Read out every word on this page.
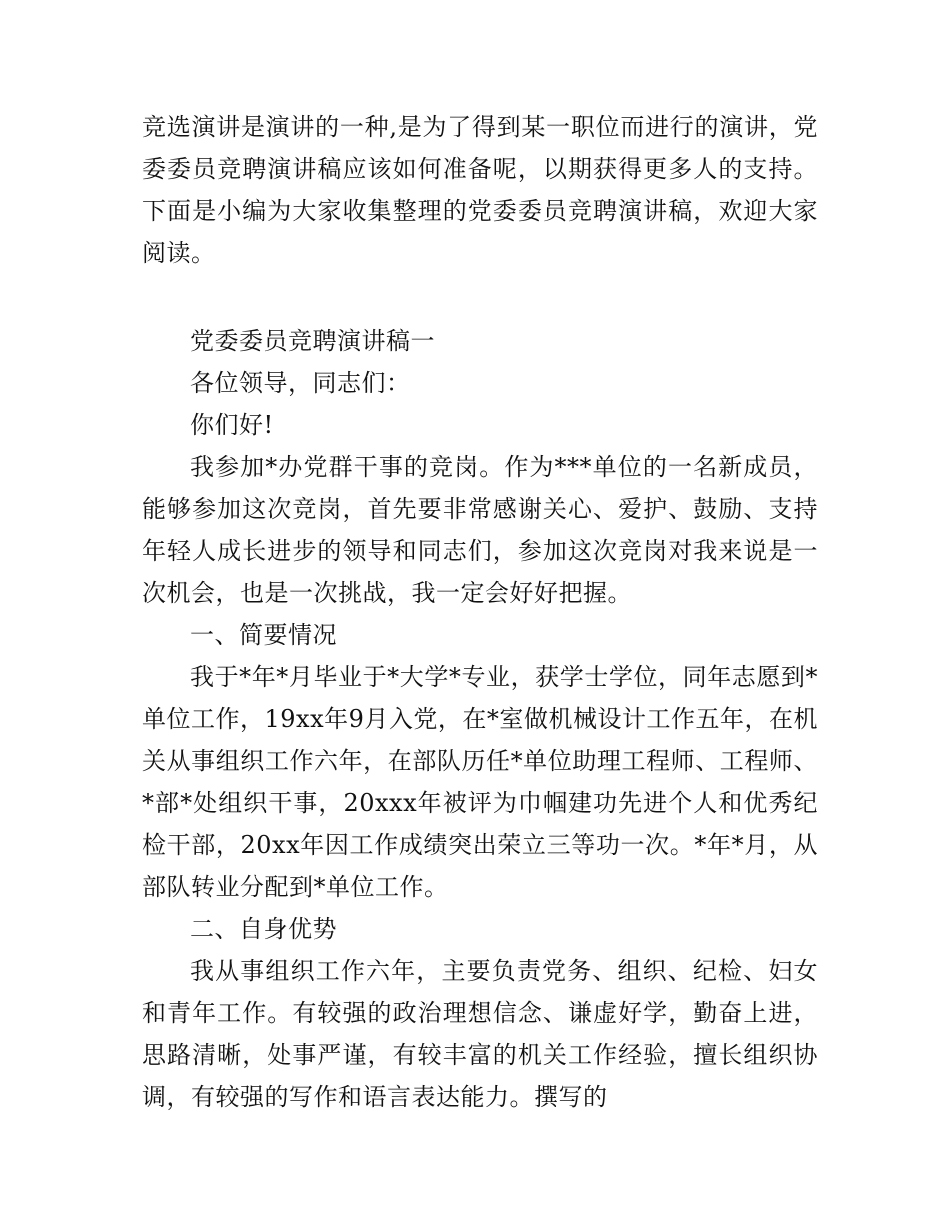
竞选演讲是演讲的一种,是为了得到某一职位而进行的演讲，党委委员竞聘演讲稿应该如何准备呢，以期获得更多人的支持。下面是小编为大家收集整理的党委委员竞聘演讲稿，欢迎大家阅读。

党委委员竞聘演讲稿一

各位领导，同志们：

你们好!

我参加*办党群干事的竞岗。作为***单位的一名新成员，能够参加这次竞岗，首先要非常感谢关心、爱护、鼓励、支持年轻人成长进步的领导和同志们，参加这次竞岗对我来说是一次机会，也是一次挑战，我一定会好好把握。

一、简要情况

我于*年*月毕业于*大学*专业，获学士学位，同年志愿到*单位工作，19xx年9月入党，在*室做机械设计工作五年，在机关从事组织工作六年，在部队历任*单位助理工程师、工程师、*部*处组织干事，20xxx年被评为巾帼建功先进个人和优秀纪检干部，20xx年因工作成绩突出荣立三等功一次。*年*月，从部队转业分配到*单位工作。

二、自身优势

我从事组织工作六年，主要负责党务、组织、纪检、妇女和青年工作。有较强的政治理想信念、谦虚好学，勤奋上进，思路清晰，处事严谨，有较丰富的机关工作经验，擅长组织协调，有较强的写作和语言表达能力。撰写的
